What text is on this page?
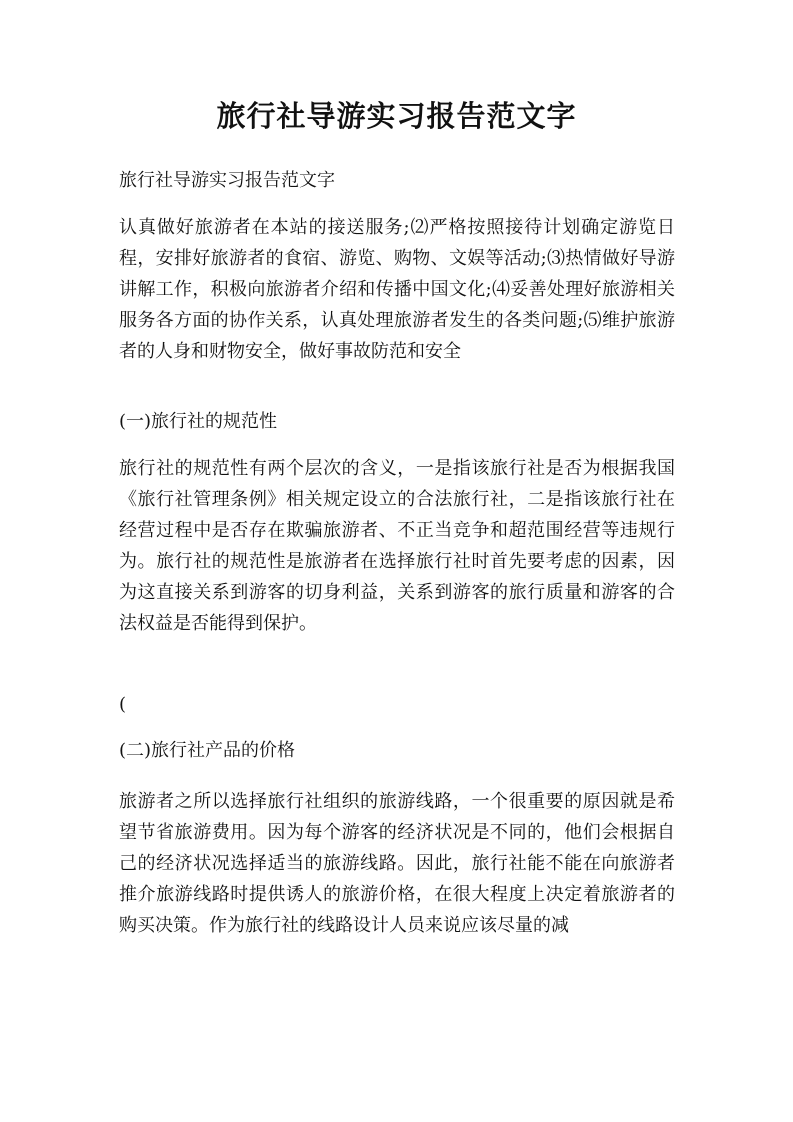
旅行社导游实习报告范文字

旅行社导游实习报告范文字

认真做好旅游者在本站的接送服务;⑵严格按照接待计划确定游览日程，安排好旅游者的食宿、游览、购物、文娱等活动;⑶热情做好导游讲解工作，积极向旅游者介绍和传播中国文化;⑷妥善处理好旅游相关服务各方面的协作关系，认真处理旅游者发生的各类问题;⑸维护旅游者的人身和财物安全，做好事故防范和安全

(一)旅行社的规范性

旅行社的规范性有两个层次的含义，一是指该旅行社是否为根据我国《旅行社管理条例》相关规定设立的合法旅行社，二是指该旅行社在经营过程中是否存在欺骗旅游者、不正当竞争和超范围经营等违规行为。旅行社的规范性是旅游者在选择旅行社时首先要考虑的因素，因为这直接关系到游客的切身利益，关系到游客的旅行质量和游客的合法权益是否能得到保护。

(

(二)旅行社产品的价格

旅游者之所以选择旅行社组织的旅游线路，一个很重要的原因就是希望节省旅游费用。因为每个游客的经济状况是不同的，他们会根据自己的经济状况选择适当的旅游线路。因此，旅行社能不能在向旅游者推介旅游线路时提供诱人的旅游价格，在很大程度上决定着旅游者的购买决策。作为旅行社的线路设计人员来说应该尽量的减
